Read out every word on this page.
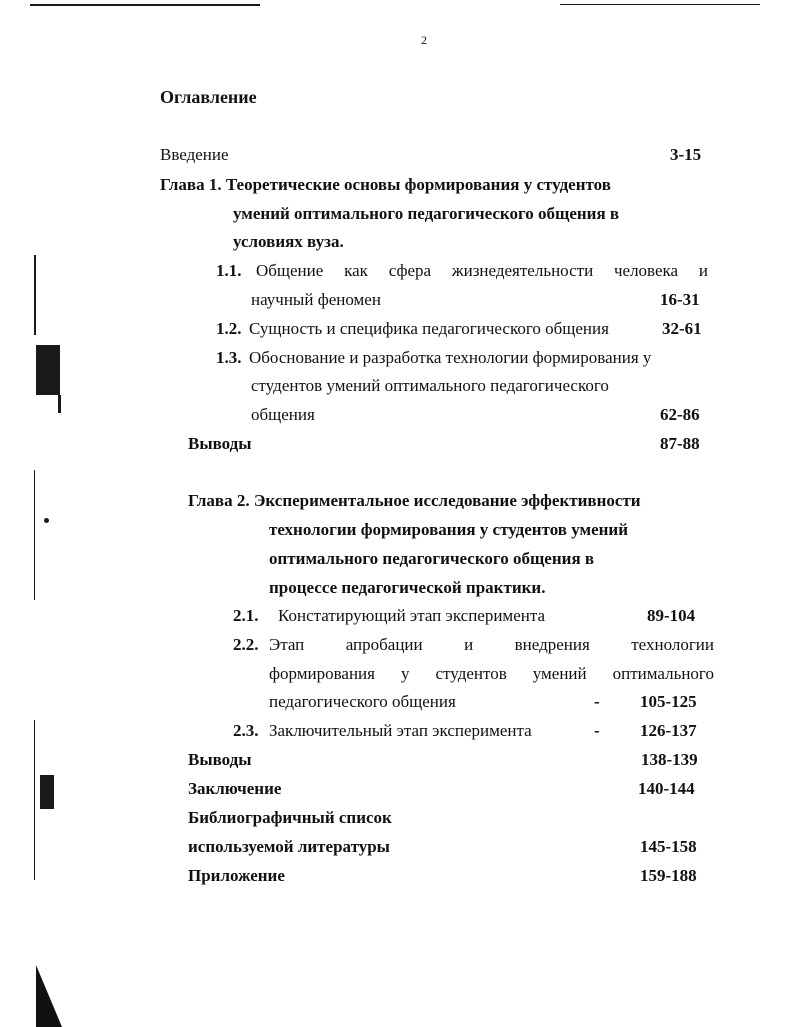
2
Оглавление
Введение	3-15
Глава 1. Теоретические основы формирования у студентов
умений оптимального педагогического общения в
условиях вуза.
1.1. Общение как сфера жизнедеятельности человека и
научный феномен	16-31
1.2. Сущность и специфика педагогического общения	32-61
1.3. Обоснование и разработка технологии формирования у
студентов умений оптимального педагогического
общения	62-86
Выводы	87-88
Глава 2. Экспериментальное исследование эффективности
технологии формирования у студентов умений
оптимального педагогического общения в
процессе педагогической практики.
2.1. Констатирующий этап эксперимента	89-104
2.2. Этап апробации и внедрения технологии
формирования у студентов умений оптимального
педагогического общения	- 105-125
2.3. Заключительный этап эксперимента	- 126-137
Выводы	138-139
Заключение	140-144
Библиографичный список
используемой литературы	145-158
Приложение	159-188
